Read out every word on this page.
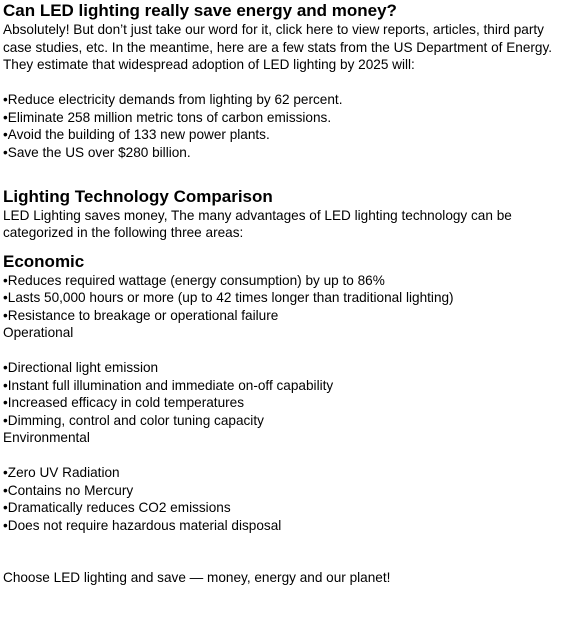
Can LED lighting really save energy and money?
Absolutely! But don’t just take our word for it, click here to view reports, articles, third party
case studies, etc. In the meantime, here are a few stats from the US Department of Energy.
They estimate that widespread adoption of LED lighting by 2025 will:
•Reduce electricity demands from lighting by 62 percent.
•Eliminate 258 million metric tons of carbon emissions.
•Avoid the building of 133 new power plants.
•Save the US over $280 billion.
Lighting Technology Comparison
LED Lighting saves money, The many advantages of LED lighting technology can be
categorized in the following three areas:
Economic
•Reduces required wattage (energy consumption) by up to 86%
•Lasts 50,000 hours or more (up to 42 times longer than traditional lighting)
•Resistance to breakage or operational failure
Operational
•Directional light emission
•Instant full illumination and immediate on-off capability
•Increased efficacy in cold temperatures
•Dimming, control and color tuning capacity
Environmental
•Zero UV Radiation
•Contains no Mercury
•Dramatically reduces CO2 emissions
•Does not require hazardous material disposal
Choose LED lighting and save — money, energy and our planet!
